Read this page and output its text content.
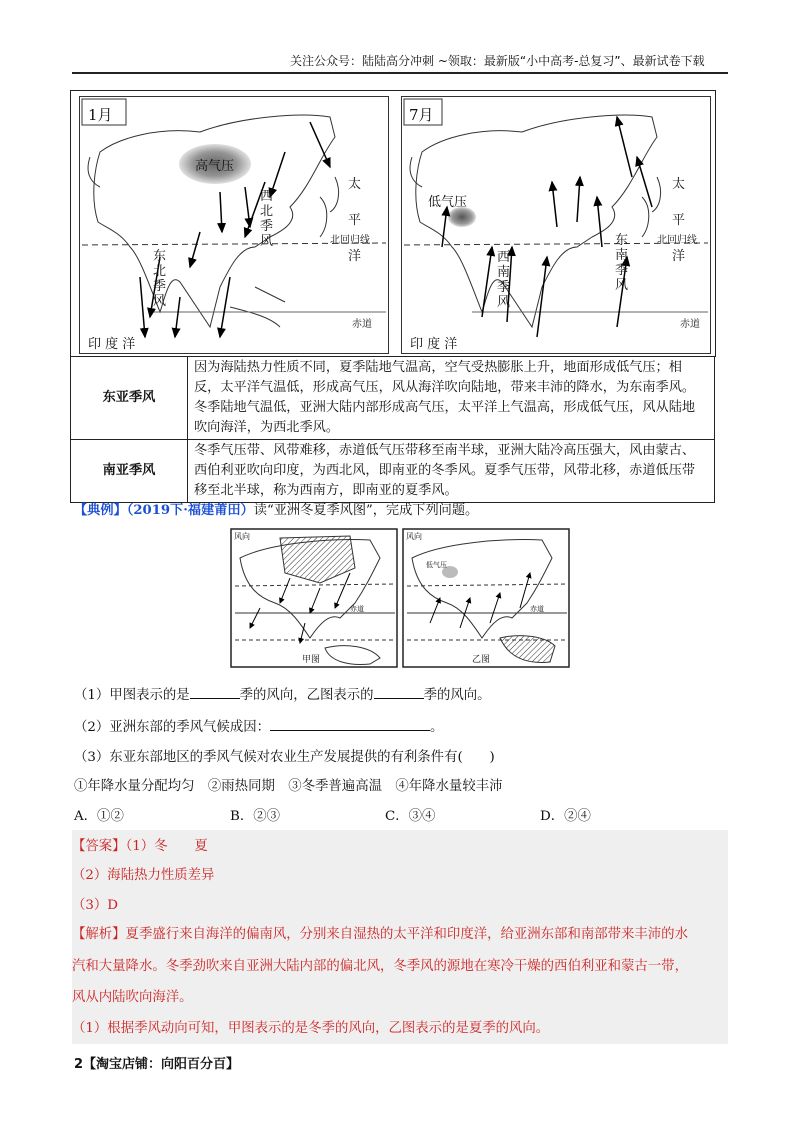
关注公众号：陆陆高分冲刺 ~领取：最新版“小中高考-总复习”、最新试卷下载
1月
高气压
西北季风
东北季风
太平洋
北回归线
赤道
印 度 洋
7月
低气压
西南季风
东南季风
太平洋
北回归线
赤道
印 度 洋
东亚季风	因为海陆热力性质不同，夏季陆地气温高，空气受热膨胀上升，地面形成低气压；相反，太平洋气温低，形成高气压，风从海洋吹向陆地，带来丰沛的降水，为东南季风。冬季陆地气温低，亚洲大陆内部形成高气压，太平洋上气温高，形成低气压，风从陆地吹向海洋，为西北季风。
南亚季风	冬季气压带、风带难移，赤道低气压带移至南半球，亚洲大陆冷高压强大，风由蒙古、西伯利亚吹向印度，为西北风，即南亚的冬季风。夏季气压带，风带北移，赤道低压带移至北半球，称为西南方，即南亚的夏季风。
【典例】（2019下·福建莆田）读“亚洲冬夏季风图”，完成下列问题。
风向	风向
低气压
赤道	赤道
甲图	乙图
（1）甲图表示的是	季的风向，乙图表示的	季的风向。
（2）亚洲东部的季风气候成因：	。
（3）东亚东部地区的季风气候对农业生产发展提供的有利条件有(　　)
①年降水量分配均匀　②雨热同期　③冬季普遍高温　④年降水量较丰沛
A．①②	B．②③	C．③④	D．②④
【答案】（1）冬　　夏
（2）海陆热力性质差异
（3）D
【解析】夏季盛行来自海洋的偏南风，分别来自湿热的太平洋和印度洋，给亚洲东部和南部带来丰沛的水
汽和大量降水。冬季劲吹来自亚洲大陆内部的偏北风，冬季风的源地在寒冷干燥的西伯利亚和蒙古一带，
风从内陆吹向海洋。
（1）根据季风动向可知，甲图表示的是冬季的风向，乙图表示的是夏季的风向。
2【淘宝店铺：向阳百分百】
